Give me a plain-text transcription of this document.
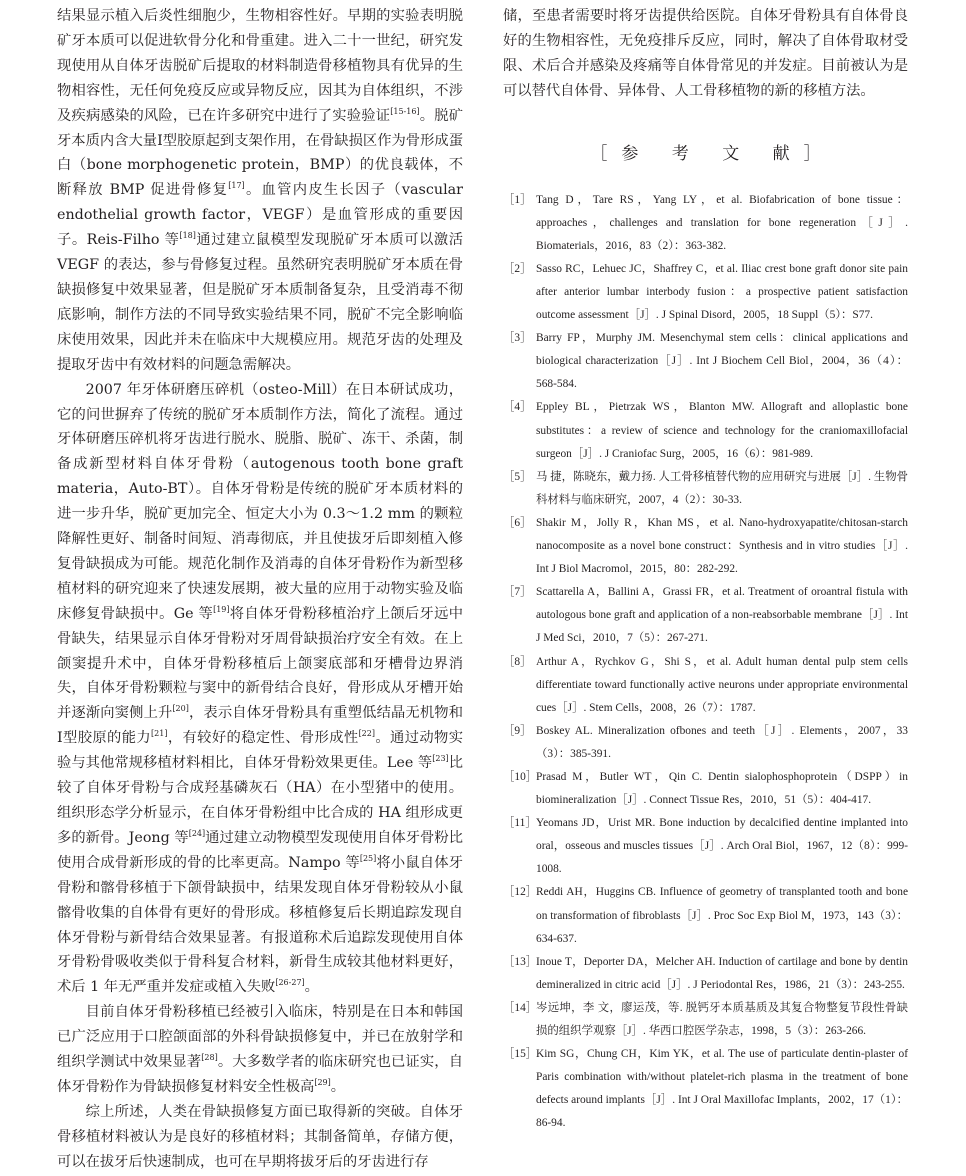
结果显示植入后炎性细胞少，生物相容性好。早期的实验表明脱矿牙本质可以促进软骨分化和骨重建。进入二十一世纪，研究发现使用从自体牙齿脱矿后提取的材料制造骨移植物具有优异的生物相容性，无任何免疫反应或异物反应，因其为自体组织，不涉及疾病感染的风险，已在许多研究中进行了实验验证[15-16]。脱矿牙本质内含大量Ⅰ型胶原起到支架作用，在骨缺损区作为骨形成蛋白（bone morphogenetic protein，BMP）的优良载体，不断释放 BMP 促进骨修复[17]。血管内皮生长因子（vascular endothelial growth factor，VEGF）是血管形成的重要因子。Reis-Filho 等[18]通过建立鼠模型发现脱矿牙本质可以激活 VEGF 的表达，参与骨修复过程。虽然研究表明脱矿牙本质在骨缺损修复中效果显著，但是脱矿牙本质制备复杂，且受消毒不彻底影响，制作方法的不同导致实验结果不同，脱矿不完全影响临床使用效果，因此并未在临床中大规模应用。规范牙齿的处理及提取牙齿中有效材料的问题急需解决。

2007 年牙体研磨压碎机（osteo-Mill）在日本研试成功，它的问世摒弃了传统的脱矿牙本质制作方法，简化了流程。通过牙体研磨压碎机将牙齿进行脱水、脱脂、脱矿、冻干、杀菌，制备成新型材料自体牙骨粉（autogenous tooth bone graft materia，Auto-BT）。自体牙骨粉是传统的脱矿牙本质材料的进一步升华，脱矿更加完全、恒定大小为 0.3～1.2 mm 的颗粒降解性更好、制备时间短、消毒彻底，并且使拔牙后即刻植入修复骨缺损成为可能。规范化制作及消毒的自体牙骨粉作为新型移植材料的研究迎来了快速发展期，被大量的应用于动物实验及临床修复骨缺损中。Ge 等[19]将自体牙骨粉移植治疗上颌后牙远中骨缺失，结果显示自体牙骨粉对牙周骨缺损治疗安全有效。在上颌窦提升术中，自体牙骨粉移植后上颌窦底部和牙槽骨边界消失，自体牙骨粉颗粒与窦中的新骨结合良好，骨形成从牙槽开始并逐渐向窦侧上升[20]，表示自体牙骨粉具有重塑低结晶无机物和Ⅰ型胶原的能力[21]，有较好的稳定性、骨形成性[22]。通过动物实验与其他常规移植材料相比，自体牙骨粉效果更佳。Lee 等[23]比较了自体牙骨粉与合成羟基磷灰石（HA）在小型猪中的使用。组织形态学分析显示，在自体牙骨粉组中比合成的 HA 组形成更多的新骨。Jeong 等[24]通过建立动物模型发现使用自体牙骨粉比使用合成骨新形成的骨的比率更高。Nampo 等[25]将小鼠自体牙骨粉和髂骨移植于下颌骨缺损中，结果发现自体牙骨粉较从小鼠髂骨收集的自体骨有更好的骨形成。移植修复后长期追踪发现自体牙骨粉与新骨结合效果显著。有报道称术后追踪发现使用自体牙骨粉骨吸收类似于骨科复合材料，新骨生成较其他材料更好，术后 1 年无严重并发症或植入失败[26-27]。

目前自体牙骨粉移植已经被引入临床，特别是在日本和韩国已广泛应用于口腔颌面部的外科骨缺损修复中，并已在放射学和组织学测试中效果显著[28]。大多数学者的临床研究也已证实，自体牙骨粉作为骨缺损修复材料安全性极高[29]。

综上所述，人类在骨缺损修复方面已取得新的突破。自体牙骨移植材料被认为是良好的移植材料；其制备简单，存储方便，可以在拔牙后快速制成，也可在早期将拔牙后的牙齿进行存

储，至患者需要时将牙齿提供给医院。自体牙骨粉具有自体骨良好的生物相容性，无免疫排斥反应，同时，解决了自体骨取材受限、术后合并感染及疼痛等自体骨常见的并发症。目前被认为是可以替代自体骨、异体骨、人工骨移植物的新的移植方法。

［参 考 文 献］
［1］ Tang D，Tare RS，Yang LY，et al. Biofabrication of bone tissue：approaches，challenges and translation for bone regeneration［J］. Biomaterials，2016，83（2）：363-382.
［2］ Sasso RC，Lehuec JC，Shaffrey C，et al. Iliac crest bone graft donor site pain after anterior lumbar interbody fusion：a prospective patient satisfaction outcome assessment［J］. J Spinal Disord，2005，18 Suppl（5）：S77.
［3］ Barry FP，Murphy JM. Mesenchymal stem cells：clinical applications and biological characterization［J］. Int J Biochem Cell Biol，2004，36（4）：568-584.
［4］ Eppley BL，Pietrzak WS，Blanton MW. Allograft and alloplastic bone substitutes：a review of science and technology for the craniomaxillofacial surgeon［J］. J Craniofac Surg，2005，16（6）：981-989.
［5］ 马 捷，陈晓东，戴力扬. 人工骨移植替代物的应用研究与进展［J］. 生物骨科材料与临床研究，2007，4（2）：30-33.
［6］ Shakir M，Jolly R，Khan MS，et al. Nano-hydroxyapatite/chitosan-starch nanocomposite as a novel bone construct：Synthesis and in vitro studies［J］. Int J Biol Macromol，2015，80：282-292.
［7］ Scattarella A，Ballini A，Grassi FR，et al. Treatment of oroantral fistula with autologous bone graft and application of a non-reabsorbable membrane［J］. Int J Med Sci，2010，7（5）：267-271.
［8］ Arthur A，Rychkov G，Shi S，et al. Adult human dental pulp stem cells differentiate toward functionally active neurons under appropriate environmental cues［J］. Stem Cells，2008，26（7）：1787.
［9］ Boskey AL. Mineralization ofbones and teeth［J］. Elements，2007，33（3）：385-391.
［10］
Prasad M，Butler WT，Qin C. Dentin sialophosphoprotein（DSPP）in biomineralization［J］. Connect Tissue Res，2010，51（5）：404-417.
［11］ Yeomans JD，Urist MR. Bone induction by decalcified dentine implanted into oral，osseous and muscles tissues［J］. Arch Oral Biol，1967，12（8）：999-1008.
［12］
Reddi AH，Huggins CB. Influence of geometry of transplanted tooth and bone on transformation of fibroblasts［J］. Proc Soc Exp Biol M，1973，143（3）：634-637.
［13］
Inoue T，Deporter DA，Melcher AH. Induction of cartilage and bone by dentin demineralized in citric acid［J］. J Periodontal Res，1986，21（3）：243-255.
［14］
岑远坤，李 文，廖运茂，等. 脱钙牙本质基质及其复合物整复节段性骨缺损的组织学观察［J］. 华西口腔医学杂志，1998，5（3）：263-266.
［15］
Kim SG，Chung CH，Kim YK，et al. The use of particulate dentin-plaster of Paris combination with/without platelet-rich plasma in the treatment of bone defects around implants［J］. Int J Oral Maxillofac Implants，2002，17（1）：86-94.
